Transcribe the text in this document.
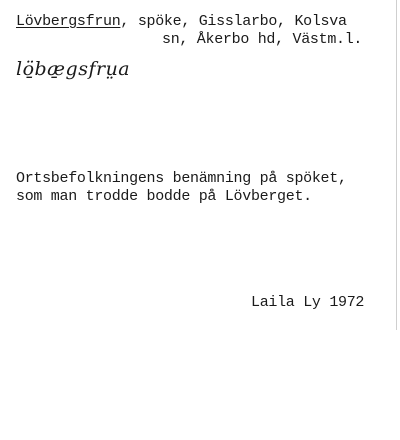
Lövbergsfrun, spöke, Gisslarbo, Kolsva
sn, Åkerbo hd, Västm.l.
lö̱bæ̱gsfrṳa
Ortsbefolkningens benämning på spöket,
som man trodde bodde på Lövberget.
Laila Ly 1972
